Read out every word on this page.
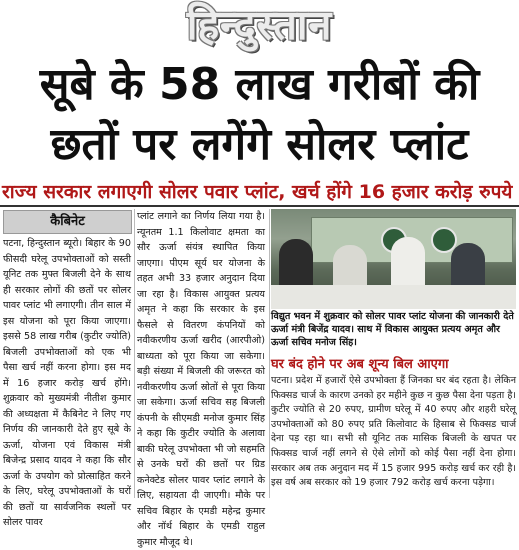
हिन्दुस्तान
सूबे के 58 लाख गरीबों की
छतों पर लगेंगे सोलर प्लांट
राज्य सरकार लगाएगी सोलर पवार प्लांट, खर्च होंगे 16 हजार करोड़ रुपये
कैबिनेट

पटना, हिन्दुस्तान ब्यूरो। बिहार के 90 फीसदी घरेलू उपभोक्ताओं को सस्ती यूनिट तक मुफ्त बिजली देने के साथ ही सरकार लोगों की छतों पर सोलर पावर प्लांट भी लगाएगी। तीन साल में इस योजना को पूरा किया जाएगा। इससे 58 लाख गरीब (कुटीर ज्योति) बिजली उपभोक्ताओं को एक भी पैसा खर्च नहीं करना होगा। इस मद में 16 हजार करोड़ खर्च होंगे। शुक्रवार को मुख्यमंत्री नीतीश कुमार की अध्यक्षता में कैबिनेट ने लिए गए निर्णय की जानकारी देते हुए सूबे के ऊर्जा, योजना एवं विकास मंत्री बिजेन्द्र प्रसाद यादव ने कहा कि सौर ऊर्जा के उपयोग को प्रोत्साहित करने के लिए, घरेलू उपभोक्ताओं के घरों की छतों या सार्वजनिक स्थलों पर सोलर पावर

प्लांट लगाने का निर्णय लिया गया है। न्यूनतम 1.1 किलोवाट क्षमता का सौर ऊर्जा संयंत्र स्थापित किया जाएगा। पीएम सूर्य घर योजना के तहत अभी 33 हजार अनुदान दिया जा रहा है। विकास आयुक्त प्रत्यय अमृत ने कहा कि सरकार के इस फैसले से वितरण कंपनियों को नवीकरणीय ऊर्जा खरीद (आरपीओ) बाध्यता को पूरा किया जा सकेगा। बड़ी संख्या में बिजली की जरूरत को नवीकरणीय ऊर्जा स्रोतों से पूरा किया जा सकेगा। ऊर्जा सचिव सह बिजली कंपनी के सीएमडी मनोज कुमार सिंह ने कहा कि कुटीर ज्योति के अलावा बाकी घरेलू उपभोक्ता भी जो सहमति से उनके घरों की छतों पर ग्रिड कनेक्टेड सोलर पावर प्लांट लगाने के लिए, सहायता दी जाएगी। मौके पर सचिव बिहार के एमडी महेन्द्र कुमार और नॉर्थ बिहार के एमडी राहुल कुमार मौजूद थे।

विद्युत भवन में शुक्रवार को सोलर पावर प्लांट योजना की जानकारी देते ऊर्जा मंत्री बिजेंद्र यादव। साथ में विकास आयुक्त प्रत्यय अमृत और ऊर्जा सचिव मनोज सिंह।

घर बंद होने पर अब शून्य बिल आएगा

पटना। प्रदेश में हजारों ऐसे उपभोक्ता हैं जिनका घर बंद रहता है। लेकिन फिक्सड चार्ज के कारण उनको हर महीने कुछ न कुछ पैसा देना पड़ता है। कुटीर ज्योति से 20 रुपए, ग्रामीण घरेलू में 40 रुपए और शहरी घरेलू उपभोक्ताओं को 80 रुपए प्रति किलोवाट के हिसाब से फिक्सड चार्ज देना पड़ रहा था। सभी सौ यूनिट तक मासिक बिजली के खपत पर फिक्सड चार्ज नहीं लगने से ऐसे लोगों को कोई पैसा नहीं देना होगा। सरकार अब तक अनुदान मद में 15 हजार 995 करोड़ खर्च कर रही है। इस वर्ष अब सरकार को 19 हजार 792 करोड़ खर्च करना पड़ेगा।
